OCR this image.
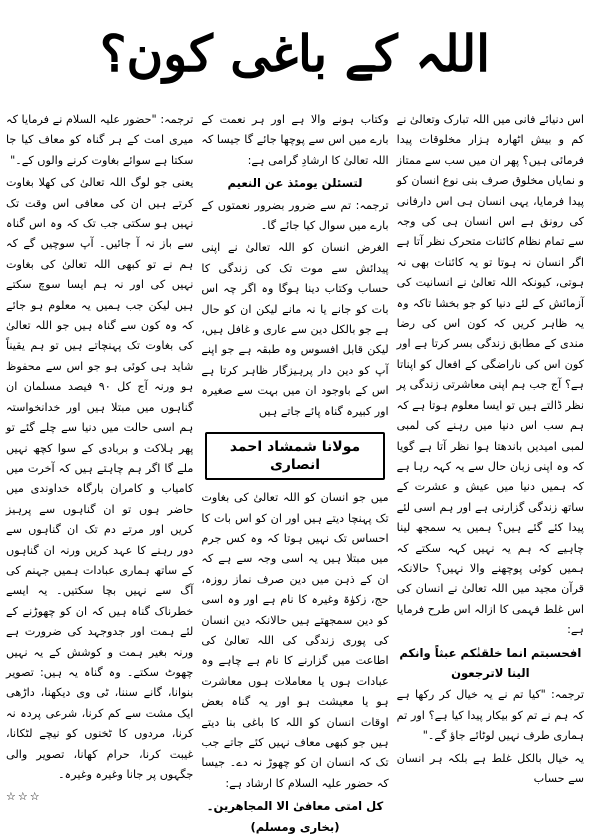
اللہ کے باغی کون؟

اس دنیائے فانی میں اللہ تبارک وتعالیٰ نے کم و بیش اٹھارہ ہزار مخلوقات پیدا فرمائی ہیں؟ پھر ان میں سب سے ممتاز و نمایاں مخلوق صرف بنی نوع انسان کو پیدا فرمایا، یہی انسان ہی اس دارفانی کی رونق ہے اس انسان ہی کی وجہ سے تمام نظام کائنات متحرک نظر آتا ہے اگر انسان نہ ہوتا تو یہ کائنات بھی نہ ہوتی، کیونکہ اللہ تعالیٰ نے انسانیت کی آزمائش کے لئے دنیا کو جو بخشا تاکہ وہ یہ ظاہر کریں کہ کون اس کی رضا مندی کے مطابق زندگی بسر کرتا ہے اور کون اس کی ناراضگی کے افعال کو اپناتا ہے؟ آج جب ہم اپنی معاشرتی زندگی پر نظر ڈالتے ہیں تو ایسا معلوم ہوتا ہے کہ ہم سب اس دنیا میں رہنے کی لمبی لمبی امیدیں باندھتا ہوا نظر آتا ہے گویا کہ وہ اپنی زبان حال سے یہ کہہ رہا ہے کہ ہمیں دنیا میں عیش و عشرت کے ساتھ زندگی گزارنی ہے اور ہم اسی لئے پیدا کئے گئے ہیں؟ ہمیں یہ سمجھ لینا چاہیے کہ ہم یہ نہیں کہہ سکتے کہ ہمیں کوئی پوچھنے والا نہیں؟ حالانکہ قرآن مجید میں اللہ تعالیٰ نے انسان کی اس غلط فہمی کا ازالہ اس طرح فرمایا ہے:

افحسبتم انما خلقنٰکم عبثاً وانکم الینا لاترجعون

ترجمہ: "کیا تم نے یہ خیال کر رکھا ہے کہ ہم نے تم کو بیکار پیدا کیا ہے؟ اور تم ہماری طرف نہیں لوٹائے جاؤ گے۔"

یہ خیال بالکل غلط ہے بلکہ ہر انسان سے حساب

وکتاب ہونے والا ہے اور ہر نعمت کے بارے میں اس سے پوچھا جائے گا جیسا کہ اللہ تعالیٰ کا ارشادِ گرامی ہے:

لتسئلن یومئذ عن النعیم

ترجمہ: تم سے ضرور بضرور نعمتوں کے بارے میں سوال کیا جائے گا۔

الغرض انسان کو اللہ تعالیٰ نے اپنی پیدائش سے موت تک کی زندگی کا حساب وکتاب دینا ہوگا وہ اگر چہ اس بات کو جانے یا نہ مانے لیکن ان کو حال ہے جو بالکل دین سے عاری و غافل ہیں، لیکن قابل افسوس وہ طبقہ ہے جو اپنے آپ کو دین دار پرہیزگار ظاہر کرتا ہے اس کے باوجود ان میں بہت سے صغیرہ اور کبیرہ گناہ پائے جاتے ہیں

مولانا شمشاد احمد انصاری

میں جو انسان کو اللہ تعالیٰ کی بغاوت تک پہنچا دیتے ہیں اور ان کو اس بات کا احساس تک نہیں ہوتا کہ وہ کس جرم میں مبتلا ہیں یہ اسی وجہ سے ہے کہ ان کے ذہن میں دین صرف نماز روزہ، حج، زکوٰۃ وغیرہ کا نام ہے اور وہ اسی کو دین سمجھتے ہیں حالانکہ دین انسان کی پوری زندگی کی اللہ تعالیٰ کی اطاعت میں گزارنے کا نام ہے چاہے وہ عبادات ہوں یا معاملات ہوں معاشرت ہو یا معیشت ہو اور یہ گناہ بعض اوقات انسان کو اللہ کا باغی بنا دیتے ہیں جو کبھی معاف نہیں کئے جاتے جب تک کہ انسان ان کو چھوڑ نہ دے۔ جیسا کہ حضور علیہ السلام کا ارشاد ہے:

کل امتی معافیٰ الا المجاھرین۔ (بخاری ومسلم)

ترجمہ: "حضور علیہ السلام نے فرمایا کہ میری امت کے ہر گناہ کو معاف کیا جا سکتا ہے سوائے بغاوت کرنے والوں کے۔"

یعنی جو لوگ اللہ تعالیٰ کی کھلا بغاوت کرتے ہیں ان کی معافی اس وقت تک نہیں ہو سکتی جب تک کہ وہ اس گناہ سے باز نہ آ جائیں۔ آپ سوچیں گے کہ ہم نے تو کبھی اللہ تعالیٰ کی بغاوت نہیں کی اور نہ ہم ایسا سوچ سکتے ہیں لیکن جب ہمیں یہ معلوم ہو جائے کہ وہ کون سے گناہ ہیں جو اللہ تعالیٰ کی بغاوت تک پہنچاتے ہیں تو ہم یقیناً شاید ہی کوئی ہو جو اس سے محفوظ ہو ورنہ آج کل ۹۰ فیصد مسلمان ان گناہوں میں مبتلا ہیں اور خدانخواستہ ہم اسی حالت میں دنیا سے چلے گئے تو پھر ہلاکت و بربادی کے سوا کچھ نہیں ملے گا اگر ہم چاہتے ہیں کہ آخرت میں کامیاب و کامران بارگاہ خداوندی میں حاضر ہوں تو ان گناہوں سے پرہیز کریں اور مرتے دم تک ان گناہوں سے دور رہنے کا عہد کریں ورنہ ان گناہوں کے ساتھ ہماری عبادات ہمیں جہنم کی آگ سے نہیں بچا سکتیں۔ یہ ایسے خطرناک گناہ ہیں کہ ان کو چھوڑنے کے لئے ہمت اور جدوجہد کی ضرورت ہے ورنہ بغیر ہمت و کوشش کے یہ نہیں چھوٹ سکتے۔ وہ گناہ یہ ہیں: تصویر بنوانا، گانے سننا، ٹی وی دیکھنا، داڑھی ایک مشت سے کم کرنا، شرعی پردہ نہ کرنا، مردوں کا ٹخنوں کو نیچے لٹکانا، غیبت کرنا، حرام کھانا، تصویر والی جگہوں پر جانا وغیرہ وغیرہ۔

☆☆☆
